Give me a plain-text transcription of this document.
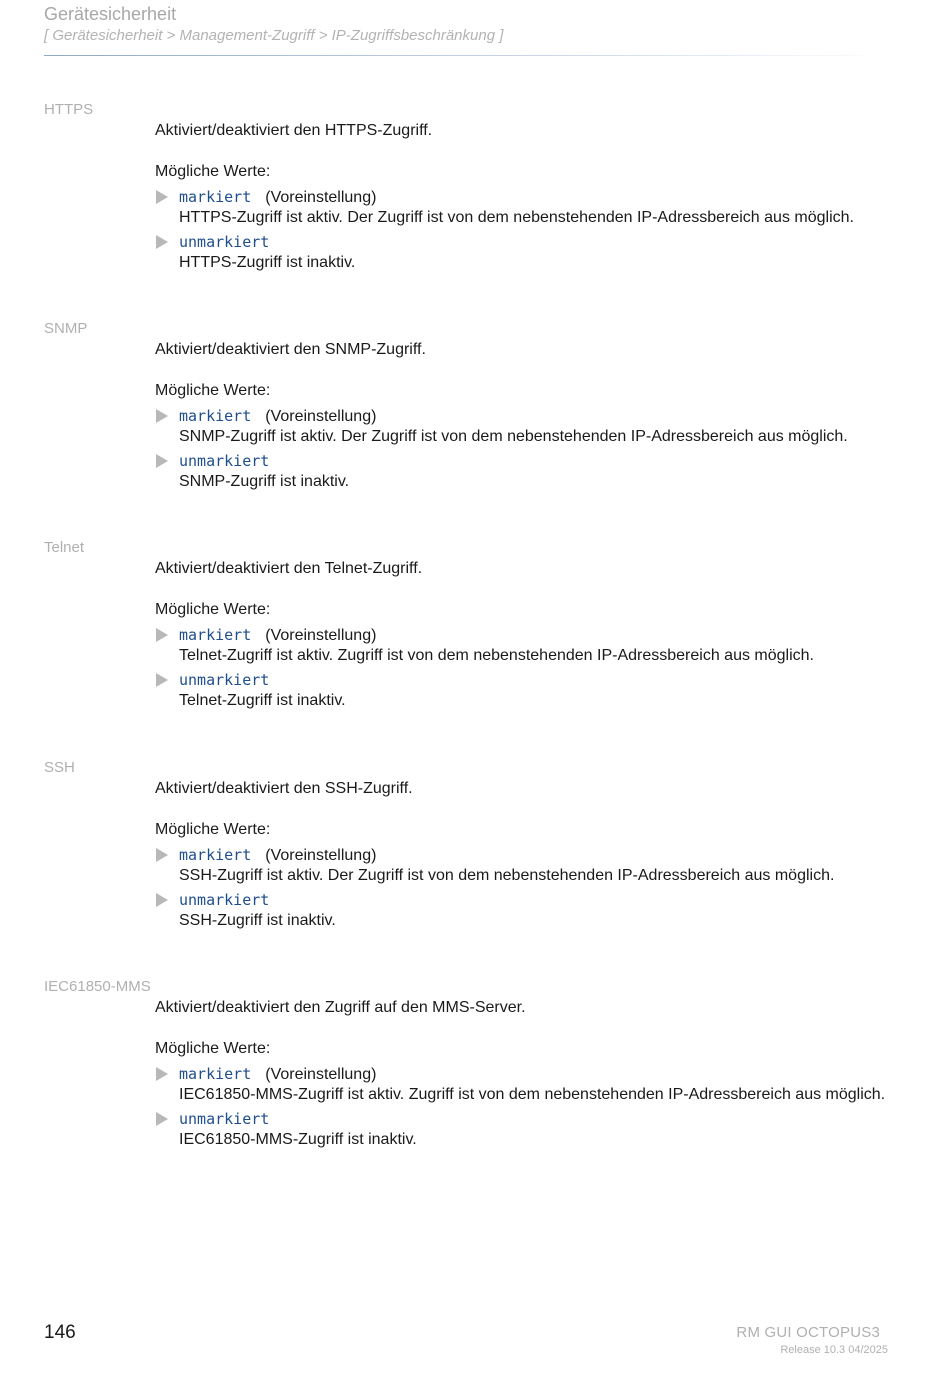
Gerätesicherheit
[ Gerätesicherheit > Management-Zugriff > IP-Zugriffsbeschränkung ]
HTTPS

Aktiviert/deaktiviert den HTTPS-Zugriff.

Mögliche Werte:

markiert (Voreinstellung)
HTTPS-Zugriff ist aktiv. Der Zugriff ist von dem nebenstehenden IP-Adressbereich aus möglich.
unmarkiert
HTTPS-Zugriff ist inaktiv.
SNMP

Aktiviert/deaktiviert den SNMP-Zugriff.

Mögliche Werte:

markiert (Voreinstellung)
SNMP-Zugriff ist aktiv. Der Zugriff ist von dem nebenstehenden IP-Adressbereich aus möglich.
unmarkiert
SNMP-Zugriff ist inaktiv.
Telnet

Aktiviert/deaktiviert den Telnet-Zugriff.

Mögliche Werte:

markiert (Voreinstellung)
Telnet-Zugriff ist aktiv. Zugriff ist von dem nebenstehenden IP-Adressbereich aus möglich.
unmarkiert
Telnet-Zugriff ist inaktiv.
SSH

Aktiviert/deaktiviert den SSH-Zugriff.

Mögliche Werte:

markiert (Voreinstellung)
SSH-Zugriff ist aktiv. Der Zugriff ist von dem nebenstehenden IP-Adressbereich aus möglich.
unmarkiert
SSH-Zugriff ist inaktiv.
IEC61850-MMS

Aktiviert/deaktiviert den Zugriff auf den MMS-Server.

Mögliche Werte:

markiert (Voreinstellung)
IEC61850-MMS-Zugriff ist aktiv. Zugriff ist von dem nebenstehenden IP-Adressbereich aus möglich.
unmarkiert
IEC61850-MMS-Zugriff ist inaktiv.
146	RM GUI OCTOPUS3
Release 10.3 04/2025
